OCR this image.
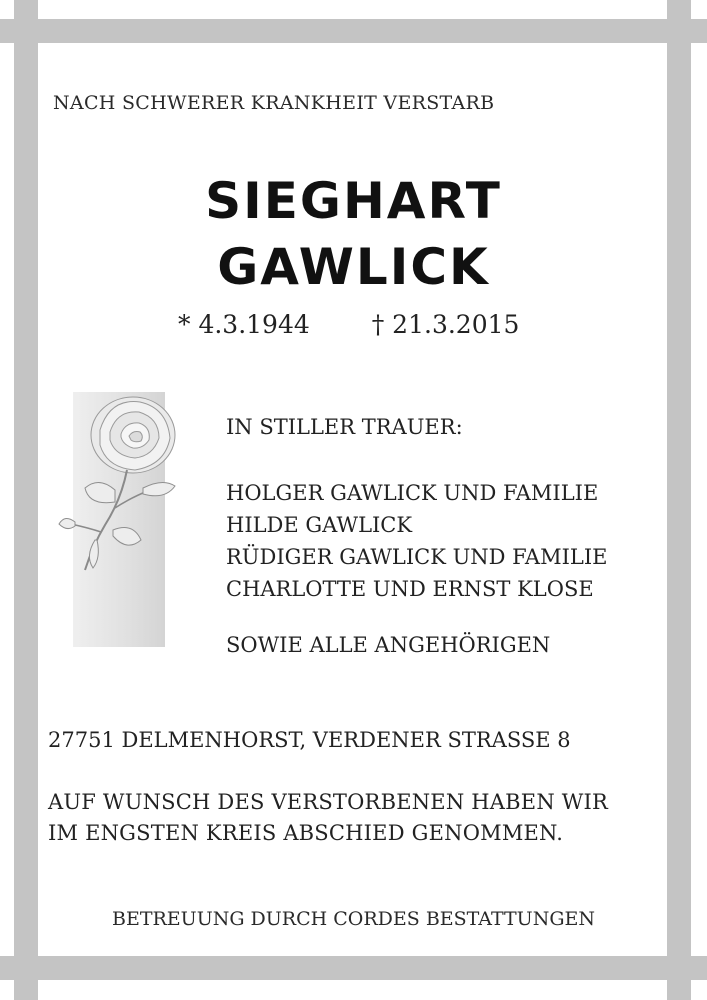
NACH SCHWERER KRANKHEIT VERSTARB

SIEGHART
GAWLICK
* 4.3.1944 † 21.3.2015

IN STILLER TRAUER:

HOLGER GAWLICK UND FAMILIE

HILDE GAWLICK

RÜDIGER GAWLICK UND FAMILIE

CHARLOTTE UND ERNST KLOSE

SOWIE ALLE ANGEHÖRIGEN

27751 DELMENHORST, VERDENER STRASSE 8

AUF WUNSCH DES VERSTORBENEN HABEN WIR

IM ENGSTEN KREIS ABSCHIED GENOMMEN.

BETREUUNG DURCH CORDES BESTATTUNGEN
